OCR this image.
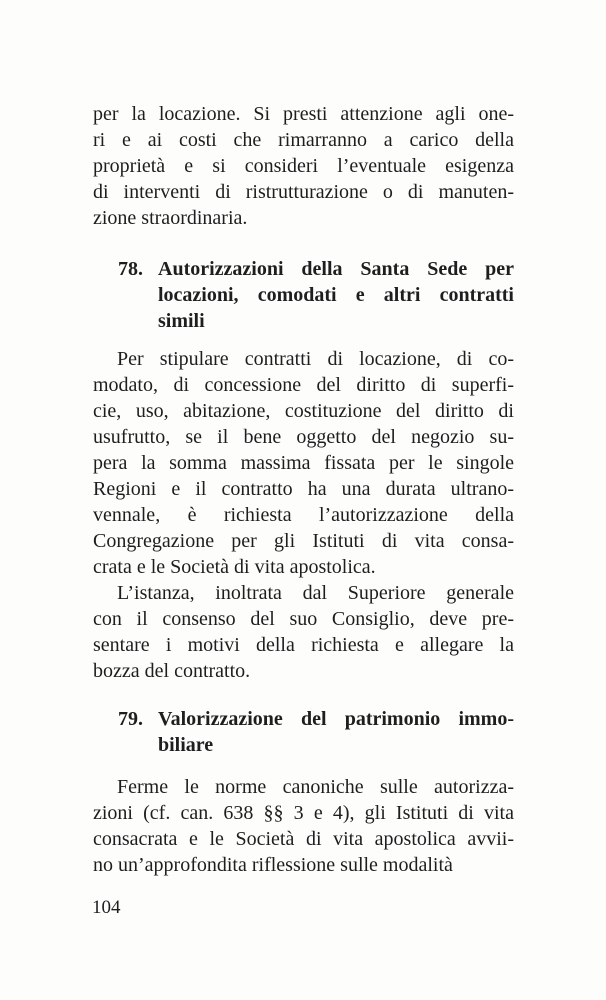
per la locazione. Si presti attenzione agli one-
ri e ai costi che rimarranno a carico della
proprietà e si consideri l’eventuale esigenza
di interventi di ristrutturazione o di manuten-
zione straordinaria.
78. Autorizzazioni della Santa Sede per
locazioni, comodati e altri contratti
simili
Per stipulare contratti di locazione, di co-
modato, di concessione del diritto di superfi-
cie, uso, abitazione, costituzione del diritto di
usufrutto, se il bene oggetto del negozio su-
pera la somma massima fissata per le singole
Regioni e il contratto ha una durata ultrano-
vennale, è richiesta l’autorizzazione della
Congregazione per gli Istituti di vita consa-
crata e le Società di vita apostolica.
L’istanza, inoltrata dal Superiore generale
con il consenso del suo Consiglio, deve pre-
sentare i motivi della richiesta e allegare la
bozza del contratto.
79. Valorizzazione del patrimonio immo-
biliare
Ferme le norme canoniche sulle autorizza-
zioni (cf. can. 638 §§ 3 e 4), gli Istituti di vita
consacrata e le Società di vita apostolica avvii-
no un’approfondita riflessione sulle modalità
104
